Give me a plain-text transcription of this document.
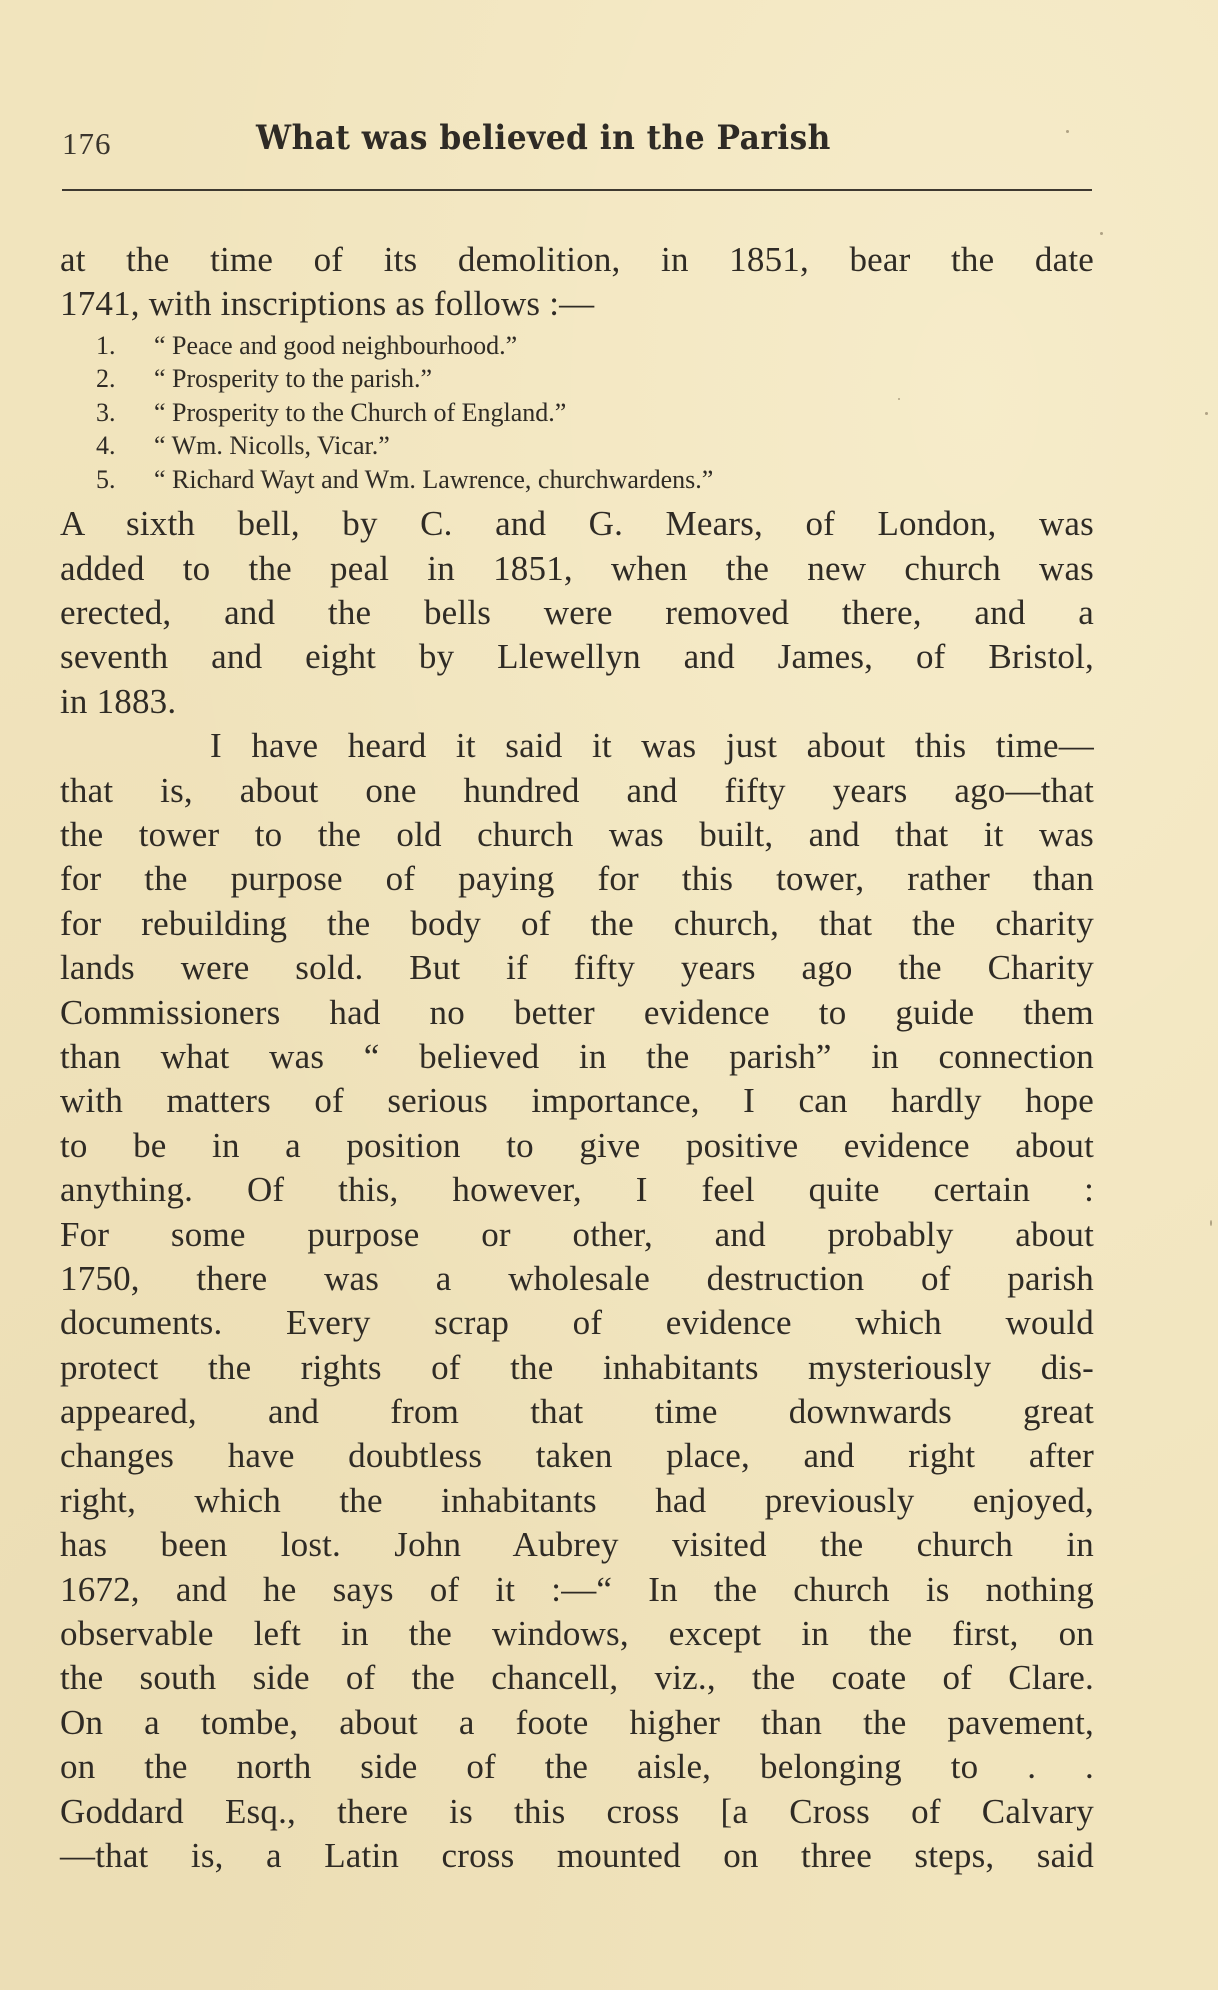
176	What was believed in the Parish
at the time of its demolition, in 1851, bear the date
1741, with inscriptions as follows :—
1. “ Peace and good neighbourhood.”
2. “ Prosperity to the parish.”
3. “ Prosperity to the Church of England.”
4. “ Wm. Nicolls, Vicar.”
5. “ Richard Wayt and Wm. Lawrence, churchwardens.”
A sixth bell, by C. and G. Mears, of London, was
added to the peal in 1851, when the new church was
erected, and the bells were removed there, and a
seventh and eight by Llewellyn and James, of Bristol,
in 1883.
I have heard it said it was just about this time—
that is, about one hundred and fifty years ago—that
the tower to the old church was built, and that it was
for the purpose of paying for this tower, rather than
for rebuilding the body of the church, that the charity
lands were sold. But if fifty years ago the Charity
Commissioners had no better evidence to guide them
than what was “ believed in the parish” in connection
with matters of serious importance, I can hardly hope
to be in a position to give positive evidence about
anything. Of this, however, I feel quite certain :
For some purpose or other, and probably about
1750, there was a wholesale destruction of parish
documents. Every scrap of evidence which would
protect the rights of the inhabitants mysteriously dis-
appeared, and from that time downwards great
changes have doubtless taken place, and right after
right, which the inhabitants had previously enjoyed,
has been lost. John Aubrey visited the church in
1672, and he says of it :—“ In the church is nothing
observable left in the windows, except in the first, on
the south side of the chancell, viz., the coate of Clare.
On a tombe, about a foote higher than the pavement,
on the north side of the aisle, belonging to . .
Goddard Esq., there is this cross [a Cross of Calvary
—that is, a Latin cross mounted on three steps, said
